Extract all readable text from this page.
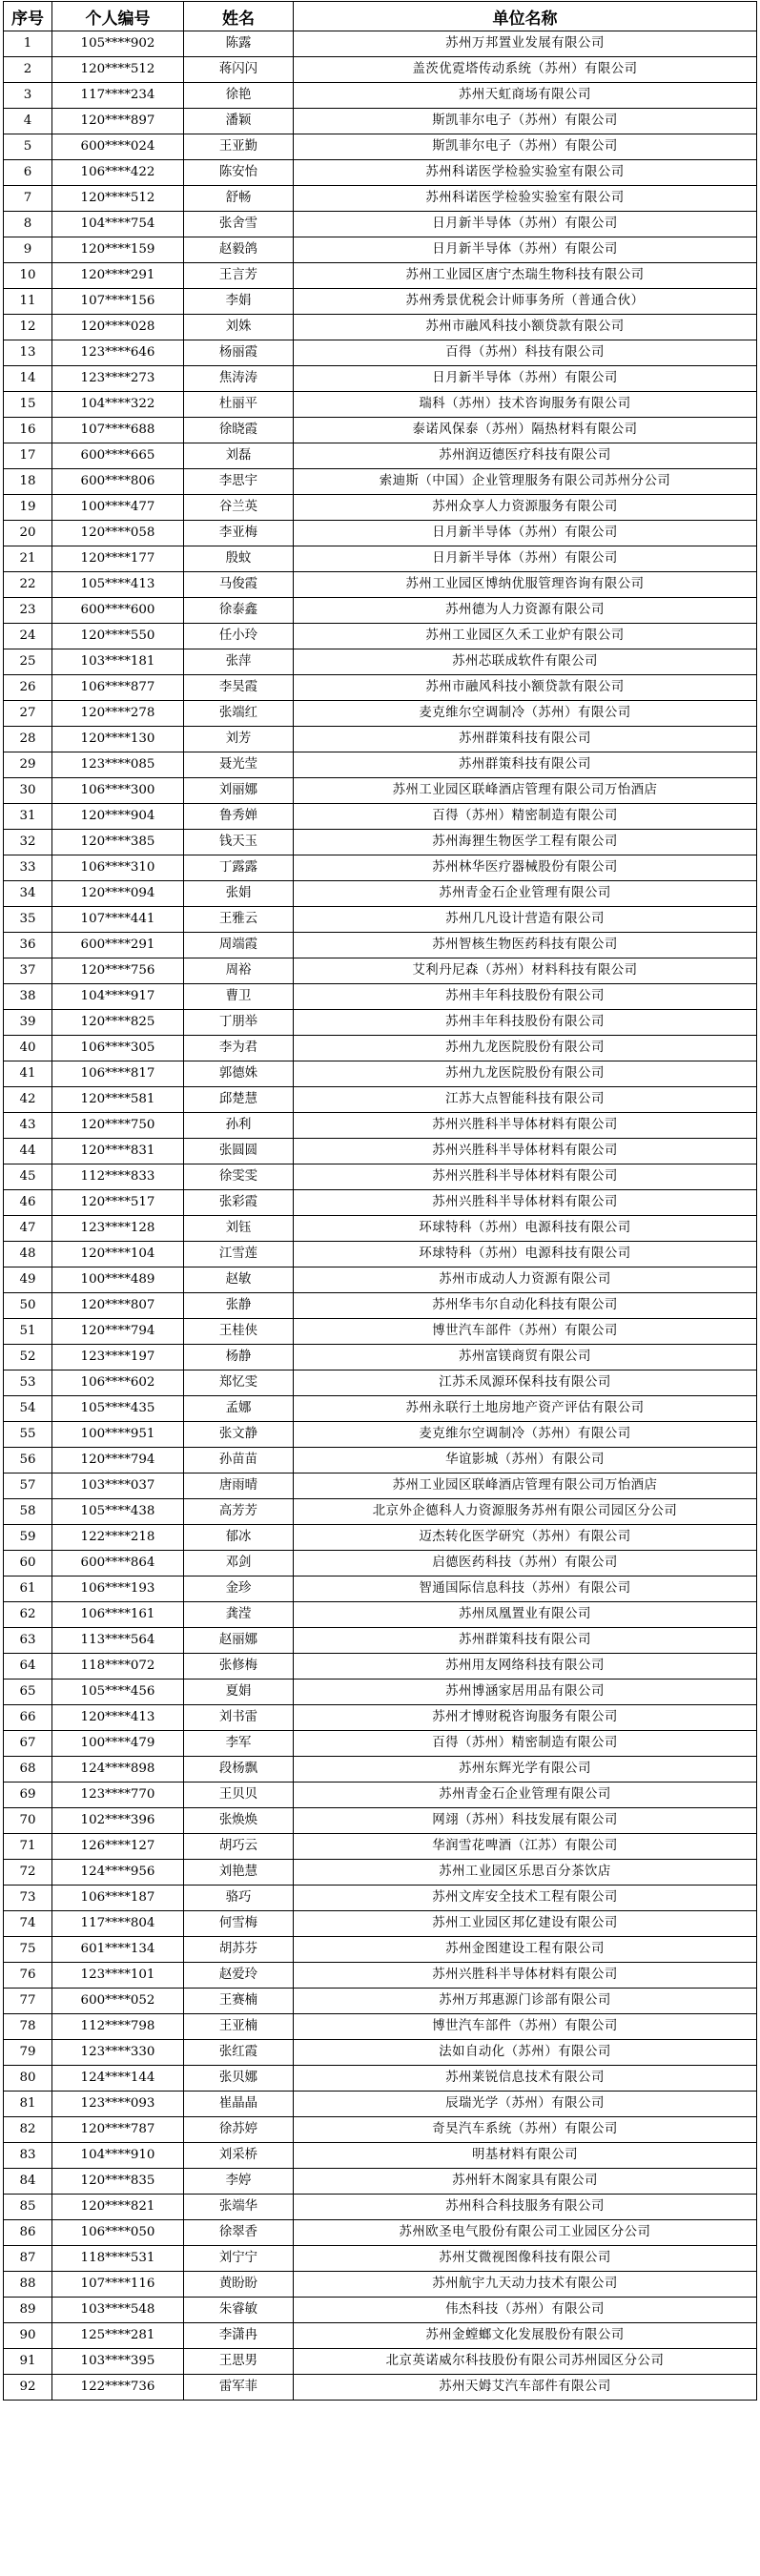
序号	个人编号	姓名	单位名称
1	105****902	陈露	苏州万邦置业发展有限公司
2	120****512	蒋闪闪	盖茨优霓塔传动系统（苏州）有限公司
3	117****234	徐艳	苏州天虹商场有限公司
4	120****897	潘颖	斯凯菲尔电子（苏州）有限公司
5	600****024	王亚勤	斯凯菲尔电子（苏州）有限公司
6	106****422	陈安怡	苏州科诺医学检验实验室有限公司
7	120****512	舒畅	苏州科诺医学检验实验室有限公司
8	104****754	张舍雪	日月新半导体（苏州）有限公司
9	120****159	赵毅鸽	日月新半导体（苏州）有限公司
10	120****291	王言芳	苏州工业园区唐宁杰瑞生物科技有限公司
11	107****156	李娟	苏州秀景优税会计师事务所（普通合伙）
12	120****028	刘姝	苏州市融风科技小额贷款有限公司
13	123****646	杨丽霞	百得（苏州）科技有限公司
14	123****273	焦涛涛	日月新半导体（苏州）有限公司
15	104****322	杜丽平	瑞科（苏州）技术咨询服务有限公司
16	107****688	徐晓霞	泰诺风保泰（苏州）隔热材料有限公司
17	600****665	刘磊	苏州润迈德医疗科技有限公司
18	600****806	李思宇	索迪斯（中国）企业管理服务有限公司苏州分公司
19	100****477	谷兰英	苏州众享人力资源服务有限公司
20	120****058	李亚梅	日月新半导体（苏州）有限公司
21	120****177	殷蚊	日月新半导体（苏州）有限公司
22	105****413	马俊霞	苏州工业园区博纳优服管理咨询有限公司
23	600****600	徐泰鑫	苏州德为人力资源有限公司
24	120****550	任小玲	苏州工业园区久禾工业炉有限公司
25	103****181	张萍	苏州芯联成软件有限公司
26	106****877	李昊霞	苏州市融风科技小额贷款有限公司
27	120****278	张端红	麦克维尔空调制冷（苏州）有限公司
28	120****130	刘芳	苏州群策科技有限公司
29	123****085	聂光莹	苏州群策科技有限公司
30	106****300	刘丽娜	苏州工业园区联峰酒店管理有限公司万怡酒店
31	120****904	鲁秀婵	百得（苏州）精密制造有限公司
32	120****385	钱天玉	苏州海狸生物医学工程有限公司
33	106****310	丁露露	苏州林华医疗器械股份有限公司
34	120****094	张娟	苏州青金石企业管理有限公司
35	107****441	王雅云	苏州几凡设计营造有限公司
36	600****291	周端霞	苏州智核生物医药科技有限公司
37	120****756	周裕	艾利丹尼森（苏州）材料科技有限公司
38	104****917	曹卫	苏州丰年科技股份有限公司
39	120****825	丁朋举	苏州丰年科技股份有限公司
40	106****305	李为君	苏州九龙医院股份有限公司
41	106****817	郭德姝	苏州九龙医院股份有限公司
42	120****581	邱楚慧	江苏大点智能科技有限公司
43	120****750	孙利	苏州兴胜科半导体材料有限公司
44	120****831	张圆圆	苏州兴胜科半导体材料有限公司
45	112****833	徐雯雯	苏州兴胜科半导体材料有限公司
46	120****517	张彩霞	苏州兴胜科半导体材料有限公司
47	123****128	刘钰	环球特科（苏州）电源科技有限公司
48	120****104	江雪莲	环球特科（苏州）电源科技有限公司
49	100****489	赵敏	苏州市成动人力资源有限公司
50	120****807	张静	苏州华韦尔自动化科技有限公司
51	120****794	王桂侠	博世汽车部件（苏州）有限公司
52	123****197	杨静	苏州富镁商贸有限公司
53	106****602	郑忆雯	江苏禾凤源环保科技有限公司
54	105****435	孟娜	苏州永联行土地房地产资产评估有限公司
55	100****951	张文静	麦克维尔空调制冷（苏州）有限公司
56	120****794	孙苗苗	华谊影城（苏州）有限公司
57	103****037	唐雨晴	苏州工业园区联峰酒店管理有限公司万怡酒店
58	105****438	高芳芳	北京外企德科人力资源服务苏州有限公司园区分公司
59	122****218	郁冰	迈杰转化医学研究（苏州）有限公司
60	600****864	邓剑	启德医药科技（苏州）有限公司
61	106****193	金珍	智通国际信息科技（苏州）有限公司
62	106****161	龚滢	苏州凤凰置业有限公司
63	113****564	赵丽娜	苏州群策科技有限公司
64	118****072	张修梅	苏州用友网络科技有限公司
65	105****456	夏娟	苏州博涵家居用品有限公司
66	120****413	刘书雷	苏州才博财税咨询服务有限公司
67	100****479	李军	百得（苏州）精密制造有限公司
68	124****898	段杨飘	苏州东辉光学有限公司
69	123****770	王贝贝	苏州青金石企业管理有限公司
70	102****396	张焕焕	网翊（苏州）科技发展有限公司
71	126****127	胡巧云	华润雪花啤酒（江苏）有限公司
72	124****956	刘艳慧	苏州工业园区乐思百分茶饮店
73	106****187	骆巧	苏州文库安全技术工程有限公司
74	117****804	何雪梅	苏州工业园区邦亿建设有限公司
75	601****134	胡苏芬	苏州金图建设工程有限公司
76	123****101	赵爱玲	苏州兴胜科半导体材料有限公司
77	600****052	王赛楠	苏州万邦惠源门诊部有限公司
78	112****798	王亚楠	博世汽车部件（苏州）有限公司
79	123****330	张红霞	法如自动化（苏州）有限公司
80	124****144	张贝娜	苏州莱锐信息技术有限公司
81	123****093	崔晶晶	辰瑞光学（苏州）有限公司
82	120****787	徐苏婷	奇昊汽车系统（苏州）有限公司
83	104****910	刘采桥	明基材料有限公司
84	120****835	李婷	苏州轩木阁家具有限公司
85	120****821	张端华	苏州科合科技服务有限公司
86	106****050	徐翠香	苏州欧圣电气股份有限公司工业园区分公司
87	118****531	刘宁宁	苏州艾微视图像科技有限公司
88	107****116	黄盼盼	苏州航宇九天动力技术有限公司
89	103****548	朱睿敏	伟杰科技（苏州）有限公司
90	125****281	李潇冉	苏州金螳螂文化发展股份有限公司
91	103****395	王思男	北京英诺威尔科技股份有限公司苏州园区分公司
92	122****736	雷军菲	苏州天姆艾汽车部件有限公司
